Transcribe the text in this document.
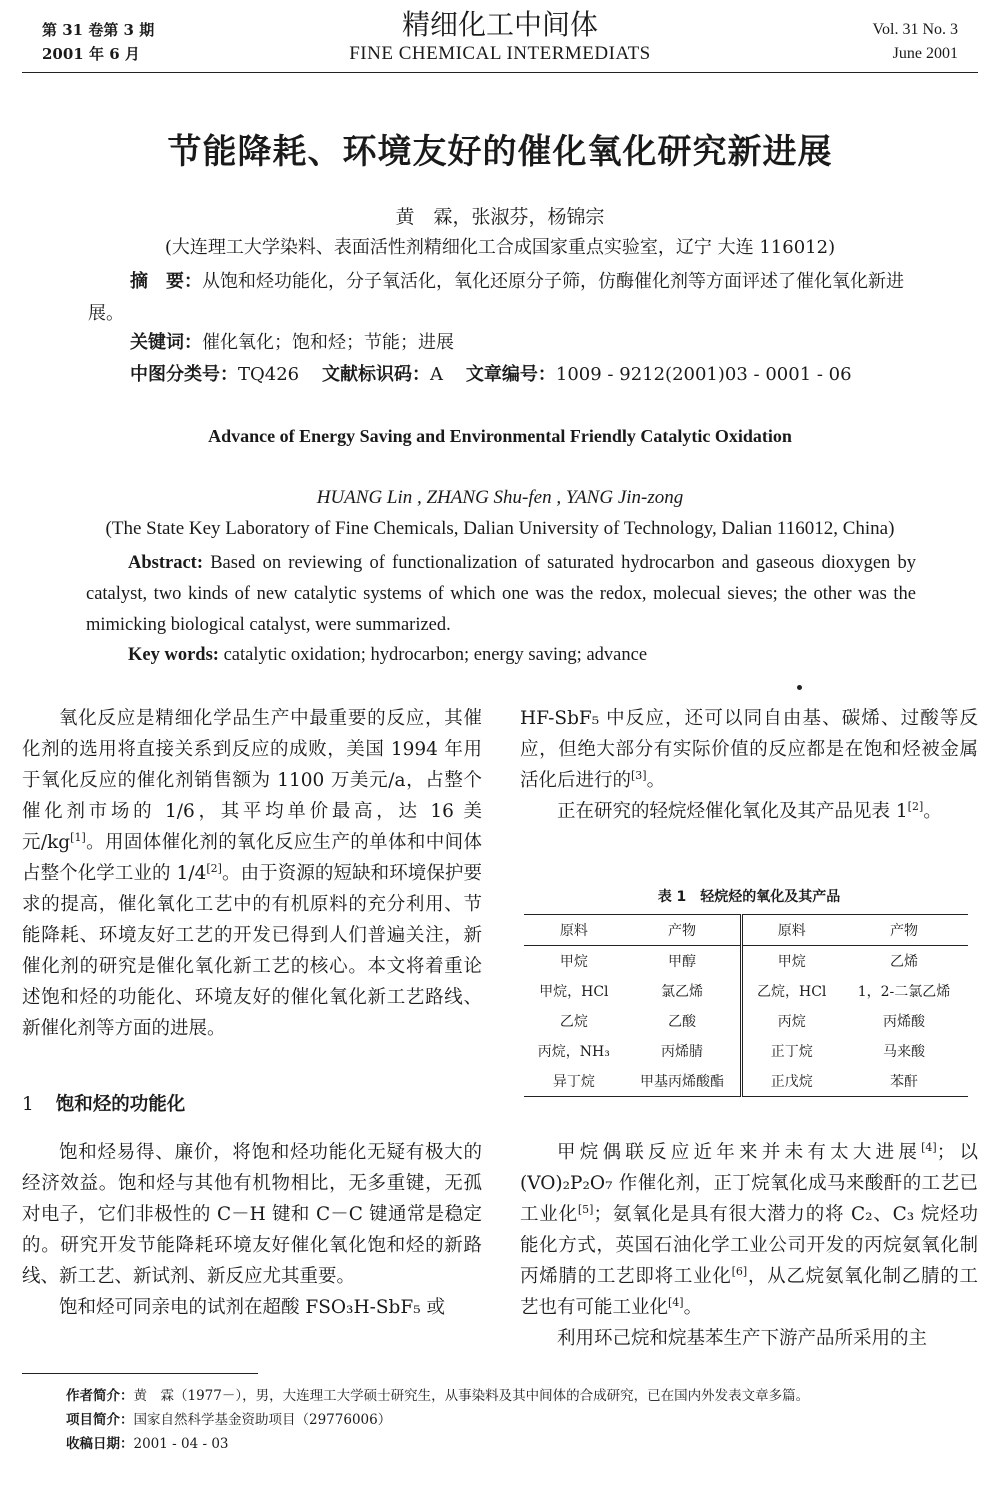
第 31 卷第 3 期
2001 年 6 月
精细化工中间体
FINE CHEMICAL INTERMEDIATS
Vol. 31 No. 3
June 2001
节能降耗、环境友好的催化氧化研究新进展
黄　霖，张淑芬，杨锦宗
(大连理工大学染料、表面活性剂精细化工合成国家重点实验室，辽宁 大连 116012)

摘　要：从饱和烃功能化，分子氧活化，氧化还原分子筛，仿酶催化剂等方面评述了催化氧化新进展。

关键词：催化氧化；饱和烃；节能；进展
中图分类号：TQ426 文献标识码：A 文章编号：1009 - 9212(2001)03 - 0001 - 06
Advance of Energy Saving and Environmental Friendly Catalytic Oxidation
HUANG Lin , ZHANG Shu-fen , YANG Jin-zong
(The State Key Laboratory of Fine Chemicals, Dalian University of Technology, Dalian 116012, China)

Abstract: Based on reviewing of functionalization of saturated hydrocarbon and gaseous dioxygen by catalyst, two kinds of new catalytic systems of which one was the redox, molecual sieves; the other was the mimicking biological catalyst, were summarized.

Key words: catalytic oxidation; hydrocarbon; energy saving; advance

氧化反应是精细化学品生产中最重要的反应，其催化剂的选用将直接关系到反应的成败，美国 1994 年用于氧化反应的催化剂销售额为 1100 万美元/a，占整个催化剂市场的 1/6，其平均单价最高，达 16 美元/kg[1]。用固体催化剂的氧化反应生产的单体和中间体占整个化学工业的 1/4[2]。由于资源的短缺和环境保护要求的提高，催化氧化工艺中的有机原料的充分利用、节能降耗、环境友好工艺的开发已得到人们普遍关注，新催化剂的研究是催化氧化新工艺的核心。本文将着重论述饱和烃的功能化、环境友好的催化氧化新工艺路线、新催化剂等方面的进展。

1 饱和烃的功能化

饱和烃易得、廉价，将饱和烃功能化无疑有极大的经济效益。饱和烃与其他有机物相比，无多重键，无孤对电子，它们非极性的 C－H 键和 C－C 键通常是稳定的。研究开发节能降耗环境友好催化氧化饱和烃的新路线、新工艺、新试剂、新反应尤其重要。

饱和烃可同亲电的试剂在超酸 FSO₃H-SbF₅ 或

HF-SbF₅ 中反应，还可以同自由基、碳烯、过酸等反应，但绝大部分有实际价值的反应都是在饱和烃被金属活化后进行的[3]。

正在研究的轻烷烃催化氧化及其产品见表 1[2]。

表 1　轻烷烃的氧化及其产品
原料	产物	原料	产物
甲烷	甲醇	甲烷	乙烯
甲烷，HCl	氯乙烯	乙烷，HCl	1，2-二氯乙烯
乙烷	乙酸	丙烷	丙烯酸
丙烷，NH₃	丙烯腈	正丁烷	马来酸
异丁烷	甲基丙烯酸酯	正戊烷	苯酐

甲烷偶联反应近年来并未有太大进展[4]；以 (VO)₂P₂O₇ 作催化剂，正丁烷氧化成马来酸酐的工艺已工业化[5]；氨氧化是具有很大潜力的将 C₂、C₃ 烷烃功能化方式，英国石油化学工业公司开发的丙烷氨氧化制丙烯腈的工艺即将工业化[6]，从乙烷氨氧化制乙腈的工艺也有可能工业化[4]。

利用环己烷和烷基苯生产下游产品所采用的主

作者简介：黄　霖（1977－），男，大连理工大学硕士研究生，从事染料及其中间体的合成研究，已在国内外发表文章多篇。

项目简介：国家自然科学基金资助项目（29776006）

收稿日期：2001 - 04 - 03
